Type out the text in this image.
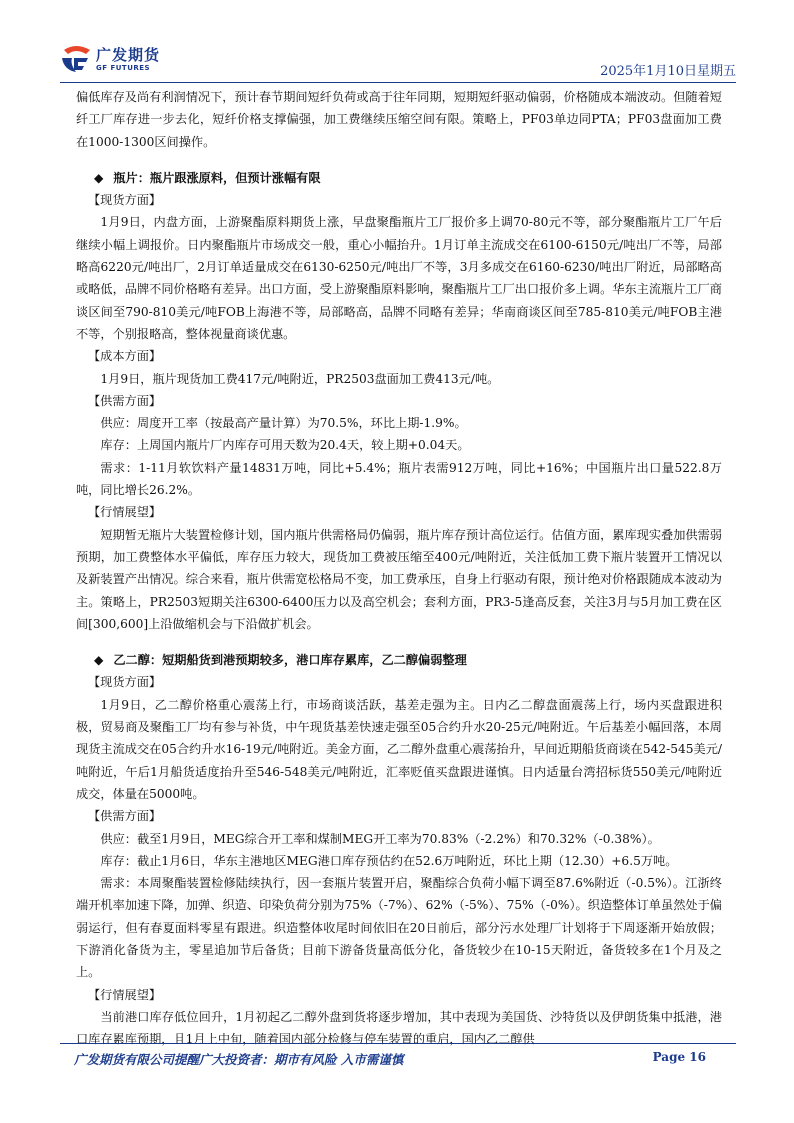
广发期货
GF FUTURES	2025年1月10日星期五

偏低库存及尚有利润情况下，预计春节期间短纤负荷或高于往年同期，短期短纤驱动偏弱，价格随成本端波动。但随着短纤工厂库存进一步去化，短纤价格支撑偏强，加工费继续压缩空间有限。策略上，PF03单边同PTA；PF03盘面加工费在1000-1300区间操作。

◆ 瓶片：瓶片跟涨原料，但预计涨幅有限

【现货方面】

1月9日，内盘方面，上游聚酯原料期货上涨，早盘聚酯瓶片工厂报价多上调70-80元不等，部分聚酯瓶片工厂午后继续小幅上调报价。日内聚酯瓶片市场成交一般，重心小幅抬升。1月订单主流成交在6100-6150元/吨出厂不等，局部略高6220元/吨出厂，2月订单适量成交在6130-6250元/吨出厂不等，3月多成交在6160-6230/吨出厂附近，局部略高或略低，品牌不同价格略有差异。出口方面，受上游聚酯原料影响，聚酯瓶片工厂出口报价多上调。华东主流瓶片工厂商谈区间至790-810美元/吨FOB上海港不等，局部略高，品牌不同略有差异；华南商谈区间至785-810美元/吨FOB主港不等，个别报略高，整体视量商谈优惠。

【成本方面】

1月9日，瓶片现货加工费417元/吨附近，PR2503盘面加工费413元/吨。

【供需方面】

供应：周度开工率（按最高产量计算）为70.5%，环比上期-1.9%。

库存：上周国内瓶片厂内库存可用天数为20.4天，较上期+0.04天。

需求：1-11月软饮料产量14831万吨，同比+5.4%；瓶片表需912万吨，同比+16%；中国瓶片出口量522.8万吨，同比增长26.2%。

【行情展望】

短期暂无瓶片大装置检修计划，国内瓶片供需格局仍偏弱，瓶片库存预计高位运行。估值方面，累库现实叠加供需弱预期，加工费整体水平偏低，库存压力较大，现货加工费被压缩至400元/吨附近，关注低加工费下瓶片装置开工情况以及新装置产出情况。综合来看，瓶片供需宽松格局不变，加工费承压，自身上行驱动有限，预计绝对价格跟随成本波动为主。策略上，PR2503短期关注6300-6400压力以及高空机会；套利方面，PR3-5逢高反套，关注3月与5月加工费在区间[300,600]上沿做缩机会与下沿做扩机会。

◆ 乙二醇：短期船货到港预期较多，港口库存累库，乙二醇偏弱整理

【现货方面】

1月9日，乙二醇价格重心震荡上行，市场商谈活跃，基差走强为主。日内乙二醇盘面震荡上行，场内买盘跟进积极，贸易商及聚酯工厂均有参与补货，中午现货基差快速走强至05合约升水20-25元/吨附近。午后基差小幅回落，本周现货主流成交在05合约升水16-19元/吨附近。美金方面，乙二醇外盘重心震荡抬升，早间近期船货商谈在542-545美元/吨附近，午后1月船货适度抬升至546-548美元/吨附近，汇率贬值买盘跟进谨慎。日内适量台湾招标货550美元/吨附近成交，体量在5000吨。

【供需方面】

供应：截至1月9日，MEG综合开工率和煤制MEG开工率为70.83%（-2.2%）和70.32%（-0.38%）。

库存：截止1月6日，华东主港地区MEG港口库存预估约在52.6万吨附近，环比上期（12.30）+6.5万吨。

需求：本周聚酯装置检修陆续执行，因一套瓶片装置开启，聚酯综合负荷小幅下调至87.6%附近（-0.5%）。江浙终端开机率加速下降，加弹、织造、印染负荷分别为75%（-7%）、62%（-5%）、75%（-0%）。织造整体订单虽然处于偏弱运行，但有春夏面料零星有跟进。织造整体收尾时间依旧在20日前后，部分污水处理厂计划将于下周逐渐开始放假；下游消化备货为主，零星追加节后备货；目前下游备货量高低分化，备货较少在10-15天附近，备货较多在1个月及之上。

【行情展望】

当前港口库存低位回升，1月初起乙二醇外盘到货将逐步增加，其中表现为美国货、沙特货以及伊朗货集中抵港，港口库存累库预期，且1月上中旬，随着国内部分检修与停车装置的重启，国内乙二醇供

广发期货有限公司提醒广大投资者：期市有风险 入市需谨慎	Page 16
